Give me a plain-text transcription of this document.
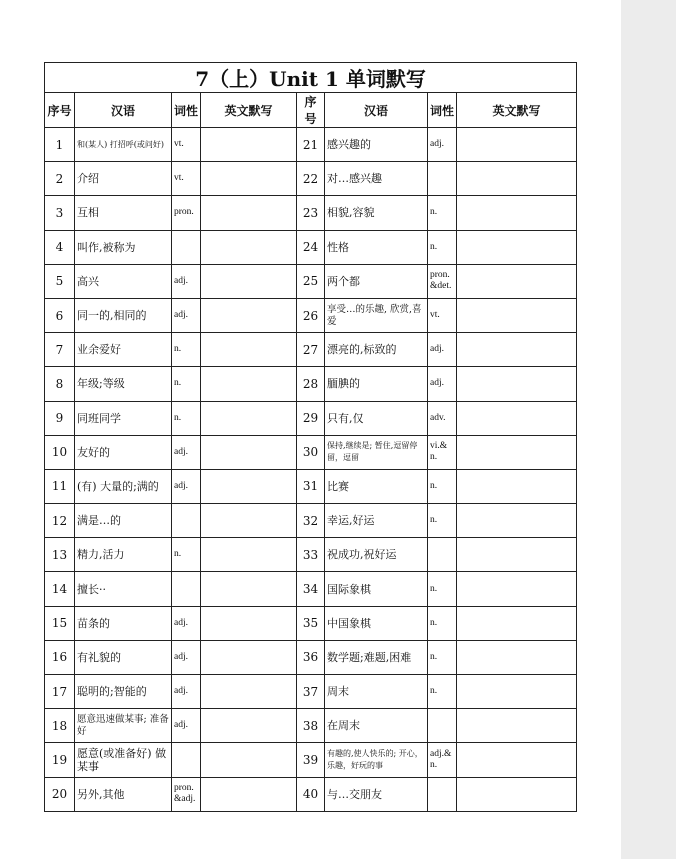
7（上）Unit 1 单词默写							
序号	汉语	词性	英文默写	序号	汉语	词性	英文默写
1	和(某人) 打招呼(或问好)	vt.		21	感兴趣的	adj.	
2	介绍	vt.		22	对…感兴趣		
3	互相	pron.		23	相貌,容貌	n.	
4	叫作,被称为			24	性格	n.	
5	高兴	adj.		25	两个都	pron. &det.	
6	同一的,相同的	adj.		26	享受…的乐趣, 欣赏,喜爱	vt.	
7	业余爱好	n.		27	漂亮的,标致的	adj.	
8	年级;等级	n.		28	腼腆的	adj.	
9	同班同学	n.		29	只有,仅	adv.	
10	友好的	adj.		30	保持,继续是; 暂住,逗留停留，逗留	vi.& n.	
11	(有) 大量的;满的	adj.		31	比赛	n.	
12	满是…的			32	幸运,好运	n.	
13	精力,活力	n.		33	祝成功,祝好运		
14	擅长··			34	国际象棋	n.	
15	苗条的	adj.		35	中国象棋	n.	
16	有礼貌的	adj.		36	数学题;难题,困难	n.	
17	聪明的;智能的	adj.		37	周末	n.	
18	愿意迅速做某事; 准备好	adj.		38	在周末		
19	愿意(或准备好) 做某事			39	有趣的,使人快乐的; 开心，乐趣，好玩的事	adj.& n.	
20	另外,其他	pron. &adj.		40	与…交朋友		
